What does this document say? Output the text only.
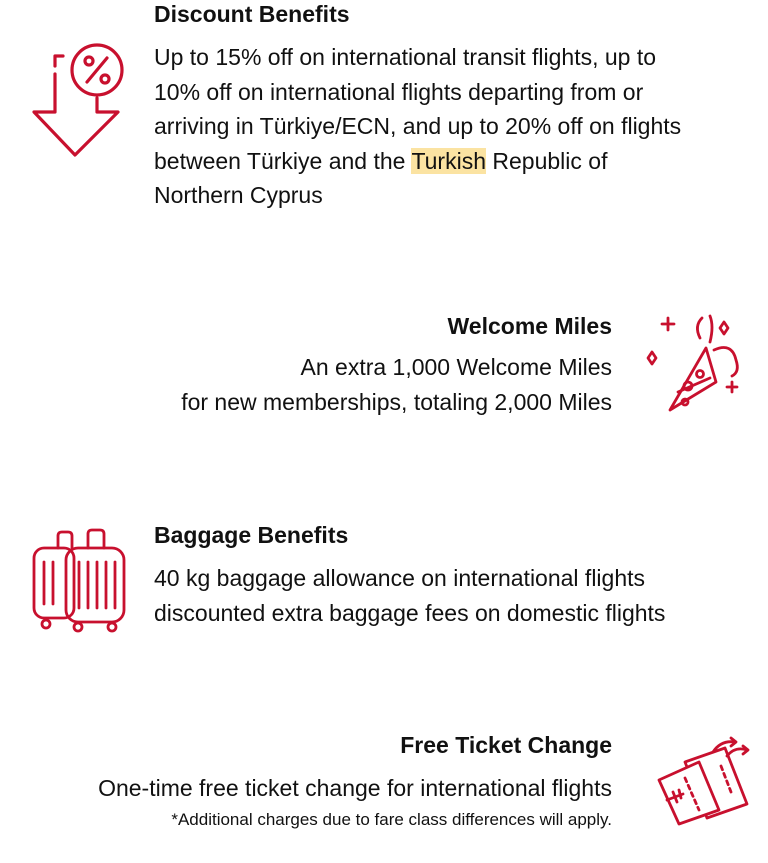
Discount Benefits

Up to 15% off on international transit flights, up to
10% off on international flights departing from or
arriving in Türkiye/ECN, and up to 20% off on flights
between Türkiye and the Turkish Republic of
Northern Cyprus

Welcome Miles

An extra 1,000 Welcome Miles
for new memberships, totaling 2,000 Miles

Baggage Benefits

40 kg baggage allowance on international flights
discounted extra baggage fees on domestic flights

Free Ticket Change

One-time free ticket change for international flights

*Additional charges due to fare class differences will apply.
